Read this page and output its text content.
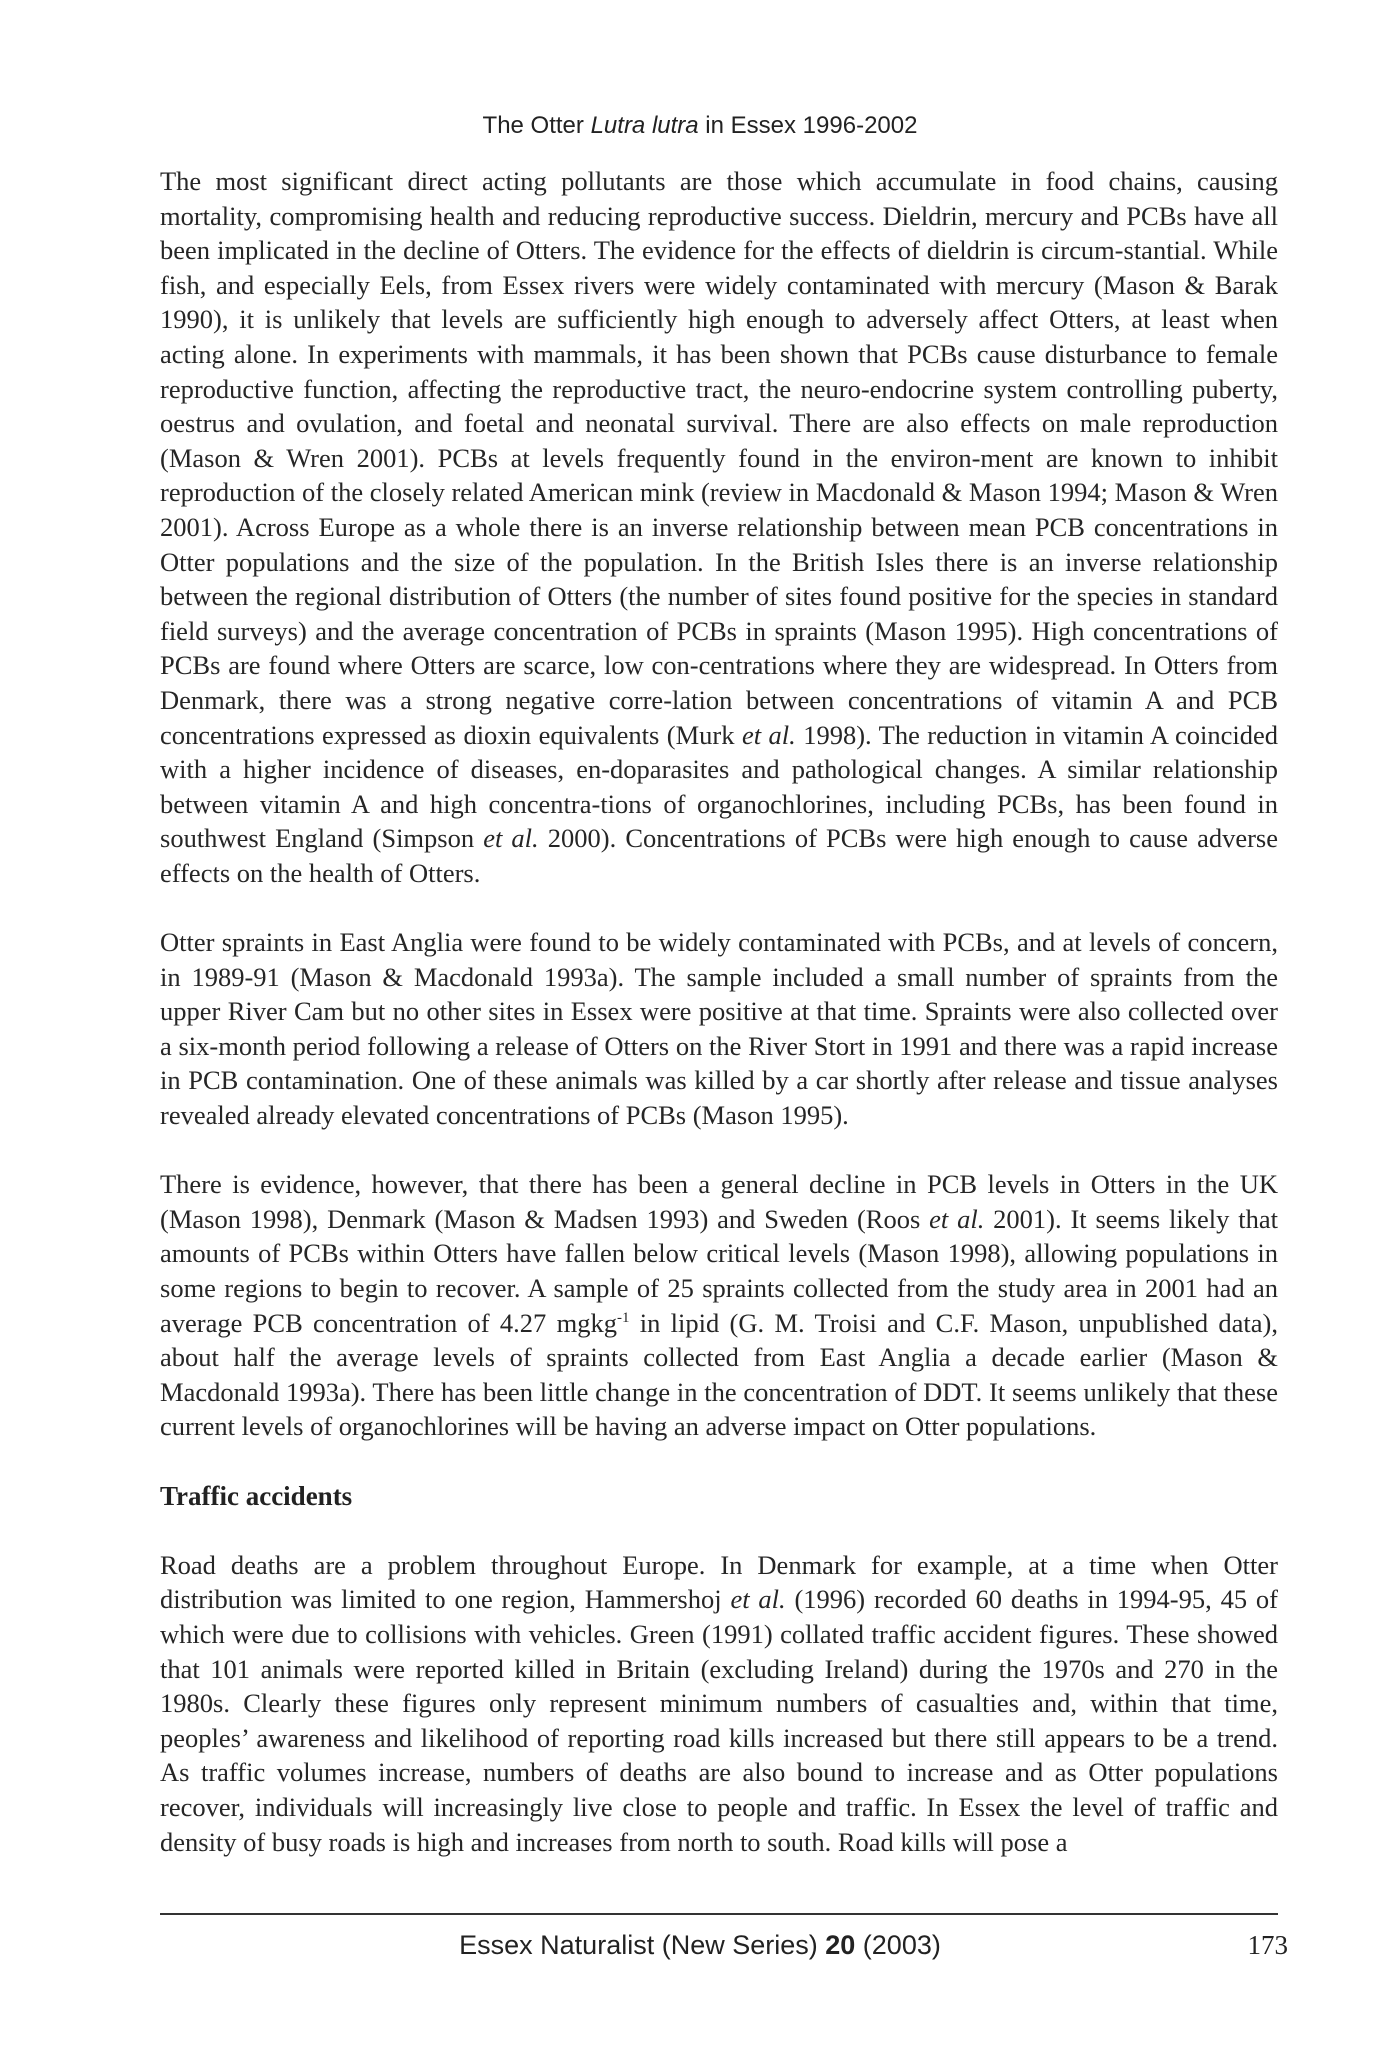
The Otter Lutra lutra in Essex 1996-2002

The most significant direct acting pollutants are those which accumulate in food chains, causing mortality, compromising health and reducing reproductive success. Dieldrin, mercury and PCBs have all been implicated in the decline of Otters. The evidence for the effects of dieldrin is circum-stantial. While fish, and especially Eels, from Essex rivers were widely contaminated with mercury (Mason & Barak 1990), it is unlikely that levels are sufficiently high enough to adversely affect Otters, at least when acting alone. In experiments with mammals, it has been shown that PCBs cause disturbance to female reproductive function, affecting the reproductive tract, the neuro-endocrine system controlling puberty, oestrus and ovulation, and foetal and neonatal survival. There are also effects on male reproduction (Mason & Wren 2001). PCBs at levels frequently found in the environ-ment are known to inhibit reproduction of the closely related American mink (review in Macdonald & Mason 1994; Mason & Wren 2001). Across Europe as a whole there is an inverse relationship between mean PCB concentrations in Otter populations and the size of the population. In the British Isles there is an inverse relationship between the regional distribution of Otters (the number of sites found positive for the species in standard field surveys) and the average concentration of PCBs in spraints (Mason 1995). High concentrations of PCBs are found where Otters are scarce, low con-centrations where they are widespread. In Otters from Denmark, there was a strong negative corre-lation between concentrations of vitamin A and PCB concentrations expressed as dioxin equivalents (Murk et al. 1998). The reduction in vitamin A coincided with a higher incidence of diseases, en-doparasites and pathological changes. A similar relationship between vitamin A and high concentra-tions of organochlorines, including PCBs, has been found in southwest England (Simpson et al. 2000). Concentrations of PCBs were high enough to cause adverse effects on the health of Otters.

Otter spraints in East Anglia were found to be widely contaminated with PCBs, and at levels of concern, in 1989-91 (Mason & Macdonald 1993a). The sample included a small number of spraints from the upper River Cam but no other sites in Essex were positive at that time. Spraints were also collected over a six-month period following a release of Otters on the River Stort in 1991 and there was a rapid increase in PCB contamination. One of these animals was killed by a car shortly after release and tissue analyses revealed already elevated concentrations of PCBs (Mason 1995).

There is evidence, however, that there has been a general decline in PCB levels in Otters in the UK (Mason 1998), Denmark (Mason & Madsen 1993) and Sweden (Roos et al. 2001). It seems likely that amounts of PCBs within Otters have fallen below critical levels (Mason 1998), allowing populations in some regions to begin to recover. A sample of 25 spraints collected from the study area in 2001 had an average PCB concentration of 4.27 mgkg$^{-1}$ in lipid (G. M. Troisi and C.F. Mason, unpublished data), about half the average levels of spraints collected from East Anglia a decade earlier (Mason & Macdonald 1993a). There has been little change in the concentration of DDT. It seems unlikely that these current levels of organochlorines will be having an adverse impact on Otter populations.

Traffic accidents

Road deaths are a problem throughout Europe. In Denmark for example, at a time when Otter distribution was limited to one region, Hammershoj et al. (1996) recorded 60 deaths in 1994-95, 45 of which were due to collisions with vehicles. Green (1991) collated traffic accident figures. These showed that 101 animals were reported killed in Britain (excluding Ireland) during the 1970s and 270 in the 1980s. Clearly these figures only represent minimum numbers of casualties and, within that time, peoples’ awareness and likelihood of reporting road kills increased but there still appears to be a trend. As traffic volumes increase, numbers of deaths are also bound to increase and as Otter populations recover, individuals will increasingly live close to people and traffic. In Essex the level of traffic and density of busy roads is high and increases from north to south. Road kills will pose a

Essex Naturalist (New Series) 20 (2003)	173
